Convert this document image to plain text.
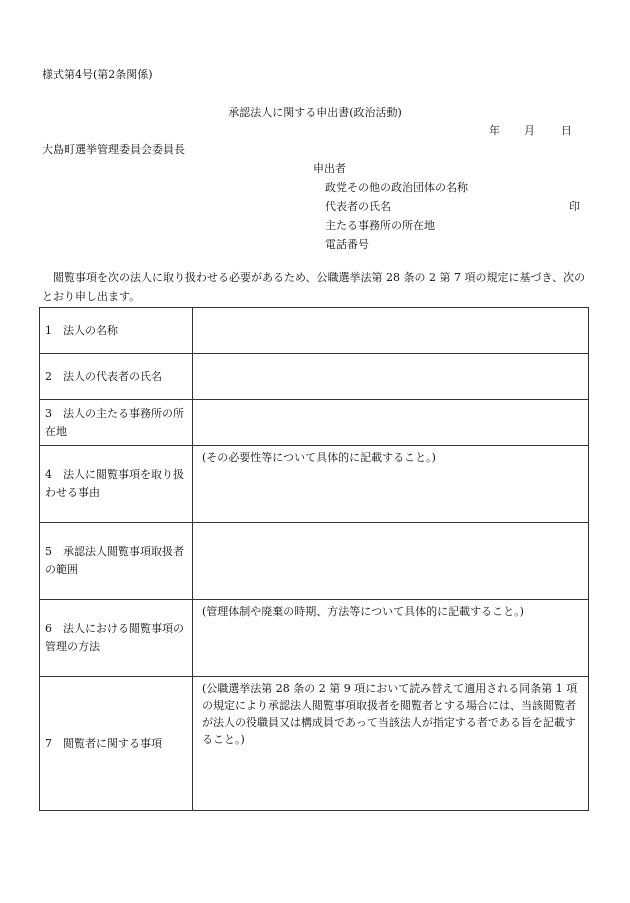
様式第4号(第2条関係)
承認法人に関する申出書(政治活動)
年 月 日
大島町選挙管理委員会委員長
申出者
政党その他の政治団体の名称
代表者の氏名	印
主たる事務所の所在地
電話番号
閲覧事項を次の法人に取り扱わせる必要があるため、公職選挙法第 28 条の 2 第 7 項の規定に基づき、次のとおり申し出ます。
1　法人の名称	
2　法人の代表者の氏名	
3　法人の主たる事務所の所在地	
4　法人に閲覧事項を取り扱わせる事由	(その必要性等について具体的に記載すること。)
5　承認法人閲覧事項取扱者の範囲	
6　法人における閲覧事項の管理の方法	(管理体制や廃棄の時期、方法等について具体的に記載すること。)
7　閲覧者に関する事項	(公職選挙法第 28 条の 2 第 9 項において読み替えて適用される同条第 1 項の規定により承認法人閲覧事項取扱者を閲覧者とする場合には、当該閲覧者が法人の役職員又は構成員であって当該法人が指定する者である旨を記載すること。)
